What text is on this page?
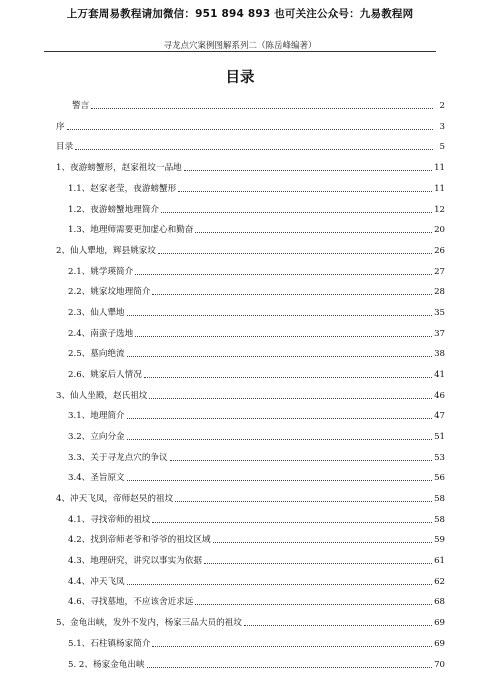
上万套周易教程请加微信：951 894 893 也可关注公众号：九易教程网
寻龙点穴案例图解系列二（陈岳峰编著）
目录
警言	2
序	3
目录	5
1、夜游螃蟹形，赵家祖坟一品地	11
1.1、赵家老莹，夜游螃蟹形	11
1.2、夜游螃蟹地理简介	12
1.3、地理师需要更加虚心和勤奋	20
2、仙人犟地，辉县姚家坟	26
2.1、姚学瑛简介	27
2.2、姚家坟地理简介	28
2.3、仙人犟地	35
2.4、南蛮子选地	37
2.5、墓向绝流	38
2.6、姚家后人情况	41
3、仙人坐殿，赵氏祖坟	46
3.1、地理简介	47
3.2、立向分金	51
3.3、关于寻龙点穴的争议	53
3.4、圣旨原文	56
4、冲天飞凤，帝师赵旲的祖坟	58
4.1、寻找帝师的祖坟	58
4.2、找到帝师老爷和爷爷的祖坟区域	59
4.3、地理研究，讲究以事实为依据	61
4.4、冲天飞凤	62
4.6、寻找墓地，不应该舍近求远	68
5、金龟出峡，发外不发内，杨家三品大员的祖坟	69
5.1、石柱镇杨家简介	69
5. 2、杨家金龟出峡	70
